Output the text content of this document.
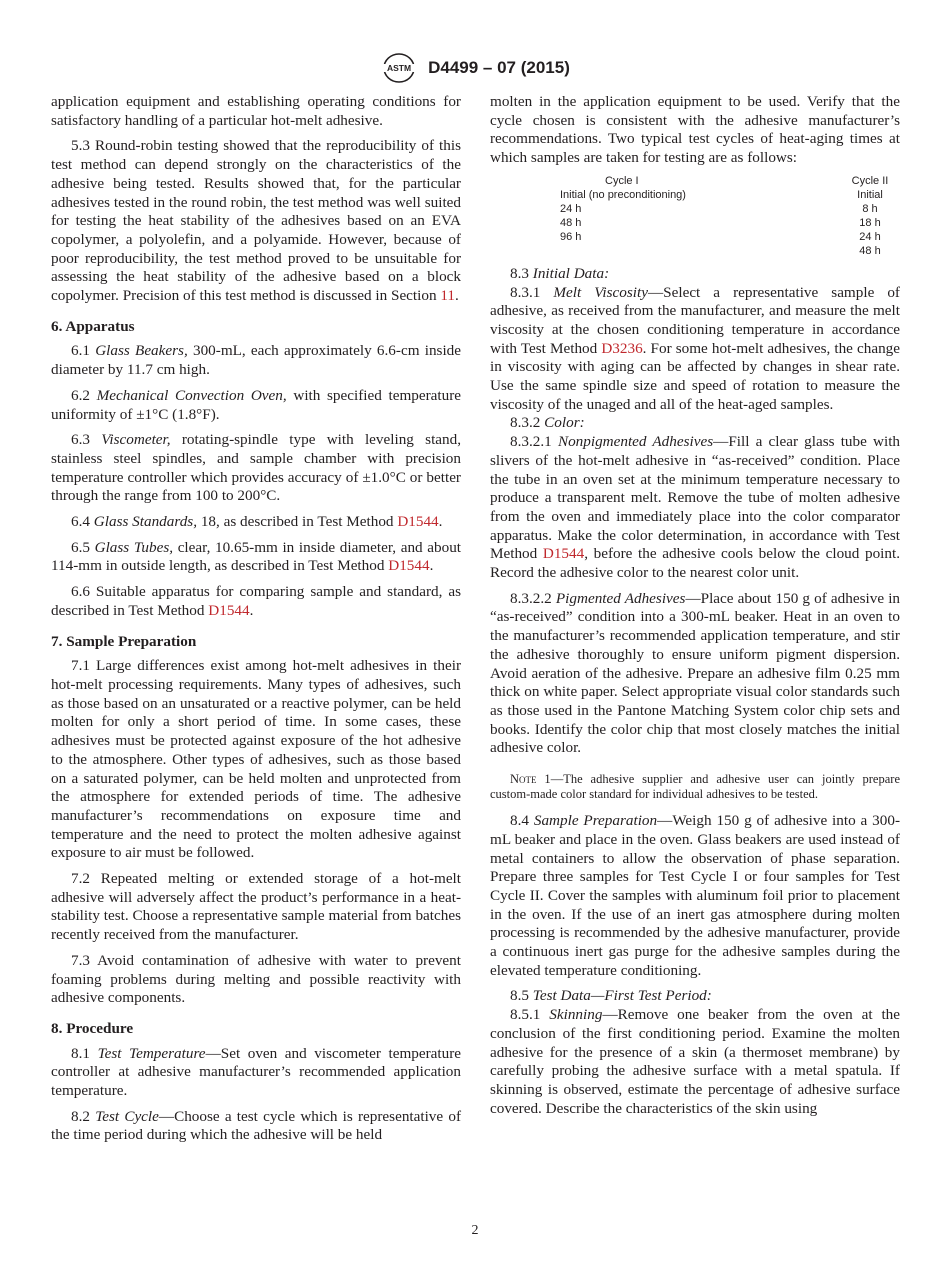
ASTM D4499 – 07 (2015)

application equipment and establishing operating conditions for satisfactory handling of a particular hot-melt adhesive.

5.3 Round-robin testing showed that the reproducibility of this test method can depend strongly on the characteristics of the adhesive being tested. Results showed that, for the particular adhesives tested in the round robin, the test method was well suited for testing the heat stability of the adhesives based on an EVA copolymer, a polyolefin, and a polyamide. However, because of poor reproducibility, the test method proved to be unsuitable for assessing the heat stability of the adhesive based on a block copolymer. Precision of this test method is discussed in Section 11.

6. Apparatus

6.1 Glass Beakers, 300-mL, each approximately 6.6-cm inside diameter by 11.7 cm high.

6.2 Mechanical Convection Oven, with specified temperature uniformity of ±1°C (1.8°F).

6.3 Viscometer, rotating-spindle type with leveling stand, stainless steel spindles, and sample chamber with precision temperature controller which provides accuracy of ±1.0°C or better through the range from 100 to 200°C.

6.4 Glass Standards, 18, as described in Test Method D1544.

6.5 Glass Tubes, clear, 10.65-mm in inside diameter, and about 114-mm in outside length, as described in Test Method D1544.

6.6 Suitable apparatus for comparing sample and standard, as described in Test Method D1544.

7. Sample Preparation

7.1 Large differences exist among hot-melt adhesives in their hot-melt processing requirements. Many types of adhesives, such as those based on an unsaturated or a reactive polymer, can be held molten for only a short period of time. In some cases, these adhesives must be protected against exposure of the hot adhesive to the atmosphere. Other types of adhesives, such as those based on a saturated polymer, can be held molten and unprotected from the atmosphere for extended periods of time. The adhesive manufacturer’s recommendations on exposure time and temperature and the need to protect the molten adhesive against exposure to air must be followed.

7.2 Repeated melting or extended storage of a hot-melt adhesive will adversely affect the product’s performance in a heat-stability test. Choose a representative sample material from batches recently received from the manufacturer.

7.3 Avoid contamination of adhesive with water to prevent foaming problems during melting and possible reactivity with adhesive components.

8. Procedure

8.1 Test Temperature—Set oven and viscometer temperature controller at adhesive manufacturer’s recommended application temperature.

8.2 Test Cycle—Choose a test cycle which is representative of the time period during which the adhesive will be held

molten in the application equipment to be used. Verify that the cycle chosen is consistent with the adhesive manufacturer’s recommendations. Two typical test cycles of heat-aging times at which samples are taken for testing are as follows:

Cycle I	Cycle II
Initial (no preconditioning)	Initial
24 h	8 h
48 h	18 h
96 h	24 h
	48 h

8.3 Initial Data:

8.3.1 Melt Viscosity—Select a representative sample of adhesive, as received from the manufacturer, and measure the melt viscosity at the chosen conditioning temperature in accordance with Test Method D3236. For some hot-melt adhesives, the change in viscosity with aging can be affected by changes in shear rate. Use the same spindle size and speed of rotation to measure the viscosity of the unaged and all of the heat-aged samples.

8.3.2 Color:

8.3.2.1 Nonpigmented Adhesives—Fill a clear glass tube with slivers of the hot-melt adhesive in “as-received” condition. Place the tube in an oven set at the minimum temperature necessary to produce a transparent melt. Remove the tube of molten adhesive from the oven and immediately place into the color comparator apparatus. Make the color determination, in accordance with Test Method D1544, before the adhesive cools below the cloud point. Record the adhesive color to the nearest color unit.

8.3.2.2 Pigmented Adhesives—Place about 150 g of adhesive in “as-received” condition into a 300-mL beaker. Heat in an oven to the manufacturer’s recommended application temperature, and stir the adhesive thoroughly to ensure uniform pigment dispersion. Avoid aeration of the adhesive. Prepare an adhesive film 0.25 mm thick on white paper. Select appropriate visual color standards such as those used in the Pantone Matching System color chip sets and books. Identify the color chip that most closely matches the initial adhesive color.

Note 1—The adhesive supplier and adhesive user can jointly prepare custom-made color standard for individual adhesives to be tested.

8.4 Sample Preparation—Weigh 150 g of adhesive into a 300-mL beaker and place in the oven. Glass beakers are used instead of metal containers to allow the observation of phase separation. Prepare three samples for Test Cycle I or four samples for Test Cycle II. Cover the samples with aluminum foil prior to placement in the oven. If the use of an inert gas atmosphere during molten processing is recommended by the adhesive manufacturer, provide a continuous inert gas purge for the adhesive samples during the elevated temperature conditioning.

8.5 Test Data—First Test Period:

8.5.1 Skinning—Remove one beaker from the oven at the conclusion of the first conditioning period. Examine the molten adhesive for the presence of a skin (a thermoset membrane) by carefully probing the adhesive surface with a metal spatula. If skinning is observed, estimate the percentage of adhesive surface covered. Describe the characteristics of the skin using

2
